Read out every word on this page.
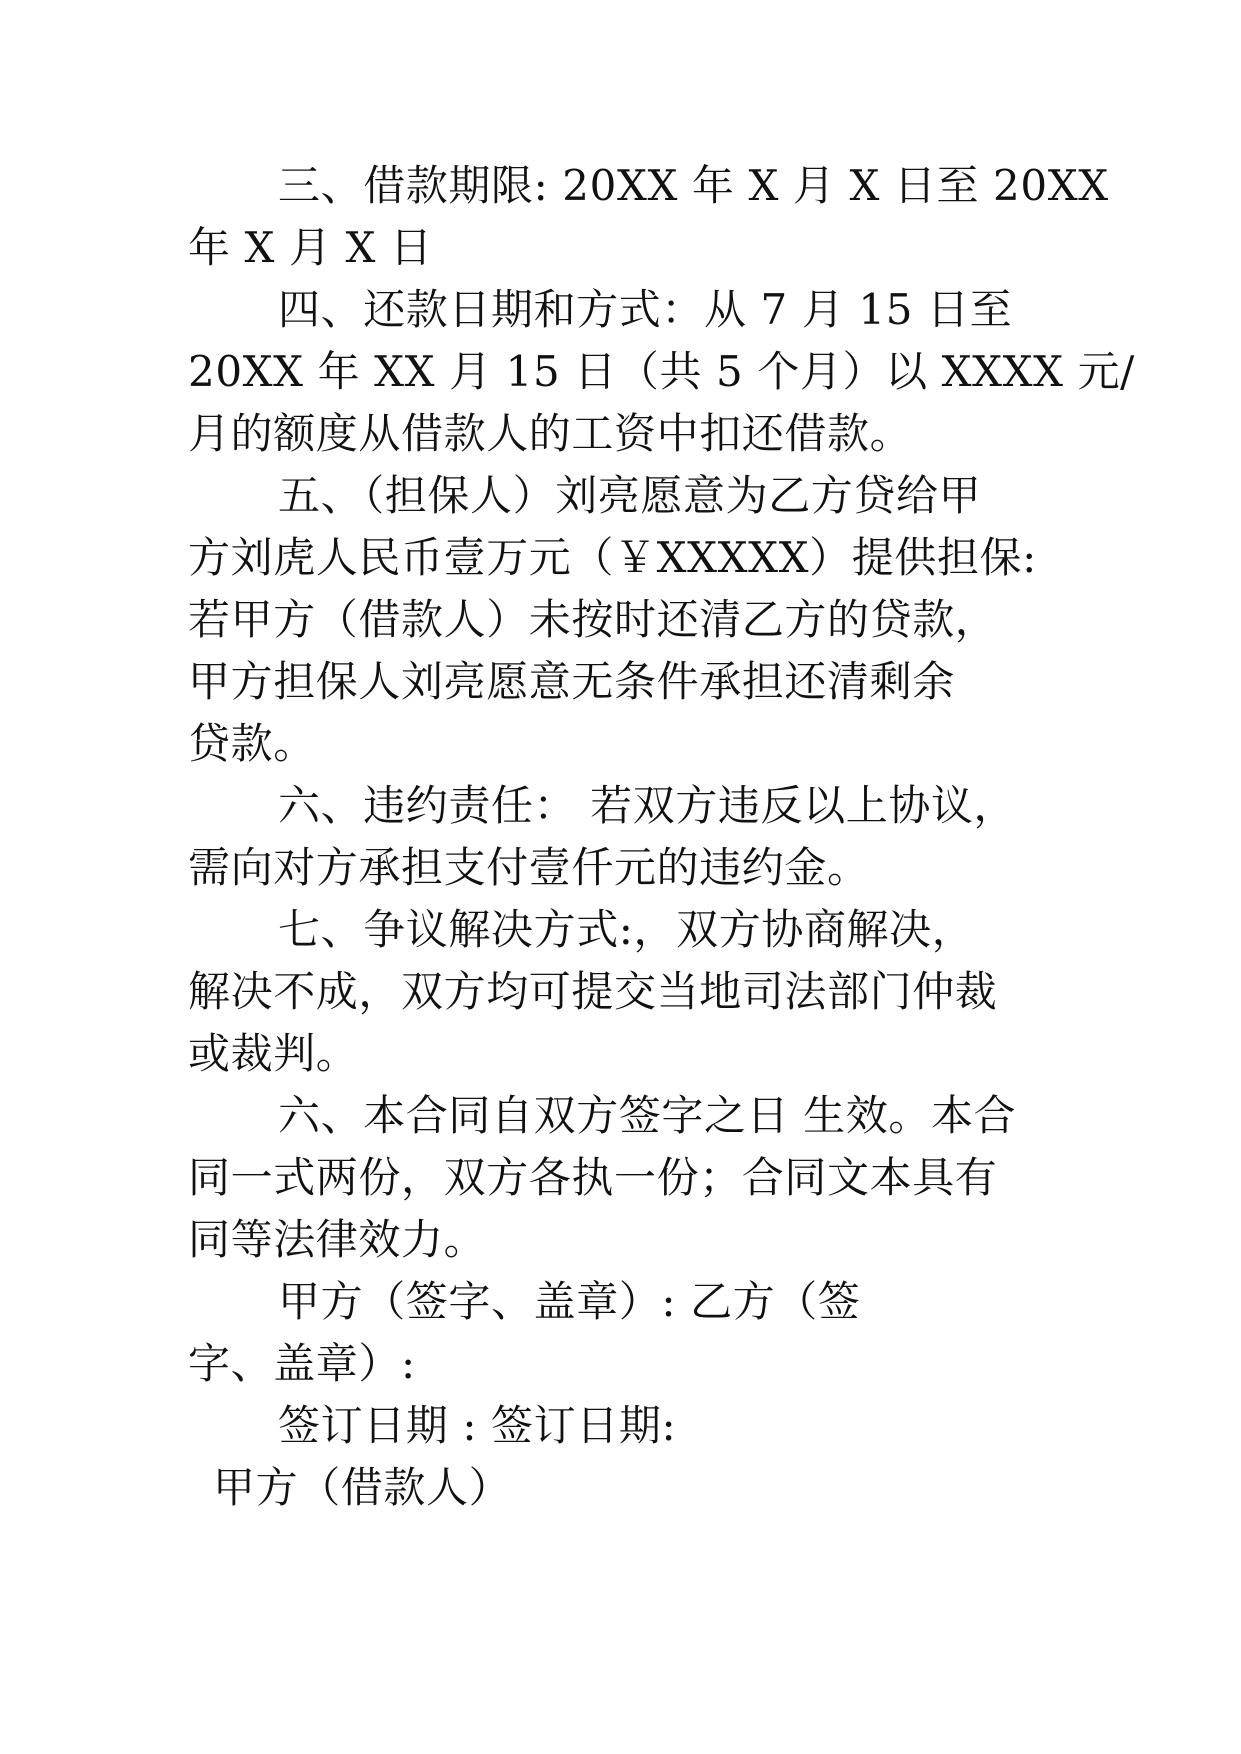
三、借款期限: 20XX 年 X 月 X 日至 20XX
年 X 月 X 日
四、还款日期和方式：从 7 月 15 日至
20XX 年 XX 月 15 日（共 5 个月）以 XXXX 元/
月的额度从借款人的工资中扣还借款。
五、（担保人）刘亮愿意为乙方贷给甲
方刘虎人民币壹万元（￥XXXXX）提供担保:
若甲方（借款人）未按时还清乙方的贷款，
甲方担保人刘亮愿意无条件承担还清剩余
贷款。
六、违约责任： 若双方违反以上协议，
需向对方承担支付壹仟元的违约金。
七、争议解决方式:，双方协商解决，
解决不成，双方均可提交当地司法部门仲裁
或裁判。
六、本合同自双方签字之日 生效。本合
同一式两份，双方各执一份；合同文本具有
同等法律效力。
甲方（签字、盖章）: 乙方（签
字、盖章）:
签订日期 : 签订日期:
甲方（借款人）
